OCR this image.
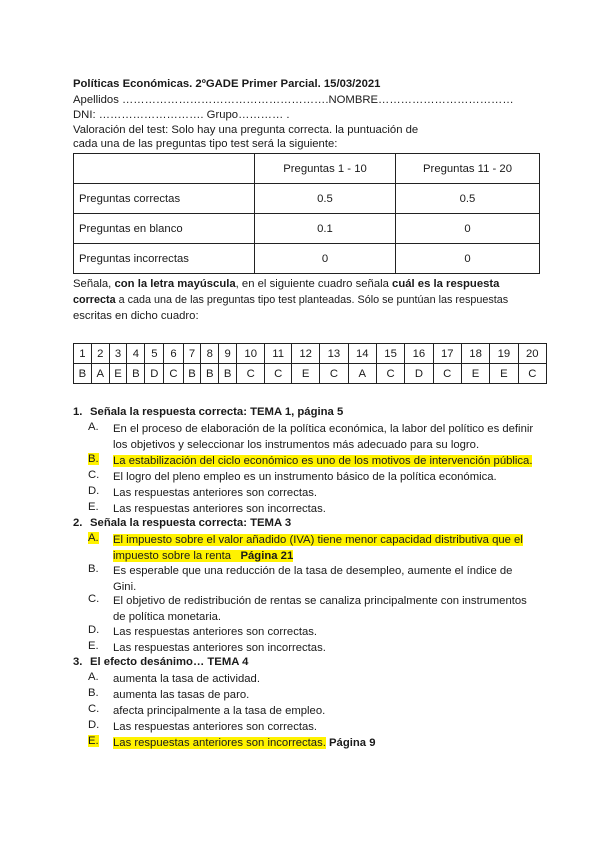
Políticas Económicas. 2ºGADE Primer Parcial. 15/03/2021
Apellidos ……………………………………………….NOMBRE………………………………
DNI: ………………………. Grupo………… .
Valoración del test: Solo hay una pregunta correcta. la puntuación de
cada una de las preguntas tipo test será la siguiente:
	Preguntas 1 - 10	Preguntas 11 - 20
Preguntas correctas	0.5	0.5
Preguntas en blanco	0.1	0
Preguntas incorrectas	0	0
Señala, con la letra mayúscula, en el siguiente cuadro señala cuál es la respuesta
correcta a cada una de las preguntas tipo test planteadas. Sólo se puntúan las respuestas
escritas en dicho cuadro:
1	2	3	4	5	6	7	8	9	10	11	12	13	14	15	16	17	18	19	20
B	A	E	B	D	C	B	B	B	C	C	E	C	A	C	D	C	E	E	C
1. Señala la respuesta correcta: TEMA 1, página 5
A. En el proceso de elaboración de la política económica, la labor del político es definir
los objetivos y seleccionar los instrumentos más adecuado para su logro.
B. La estabilización del ciclo económico es uno de los motivos de intervención pública.
C. El logro del pleno empleo es un instrumento básico de la política económica.
D. Las respuestas anteriores son correctas.
E. Las respuestas anteriores son incorrectas.
2. Señala la respuesta correcta: TEMA 3
A. El impuesto sobre el valor añadido (IVA) tiene menor capacidad distributiva que el
impuesto sobre la renta Página 21
B. Es esperable que una reducción de la tasa de desempleo, aumente el índice de
Gini.
C. El objetivo de redistribución de rentas se canaliza principalmente con instrumentos
de política monetaria.
D. Las respuestas anteriores son correctas.
E. Las respuestas anteriores son incorrectas.
3. El efecto desánimo… TEMA 4
A. aumenta la tasa de actividad.
B. aumenta las tasas de paro.
C. afecta principalmente a la tasa de empleo.
D. Las respuestas anteriores son correctas.
E. Las respuestas anteriores son incorrectas. Página 9
